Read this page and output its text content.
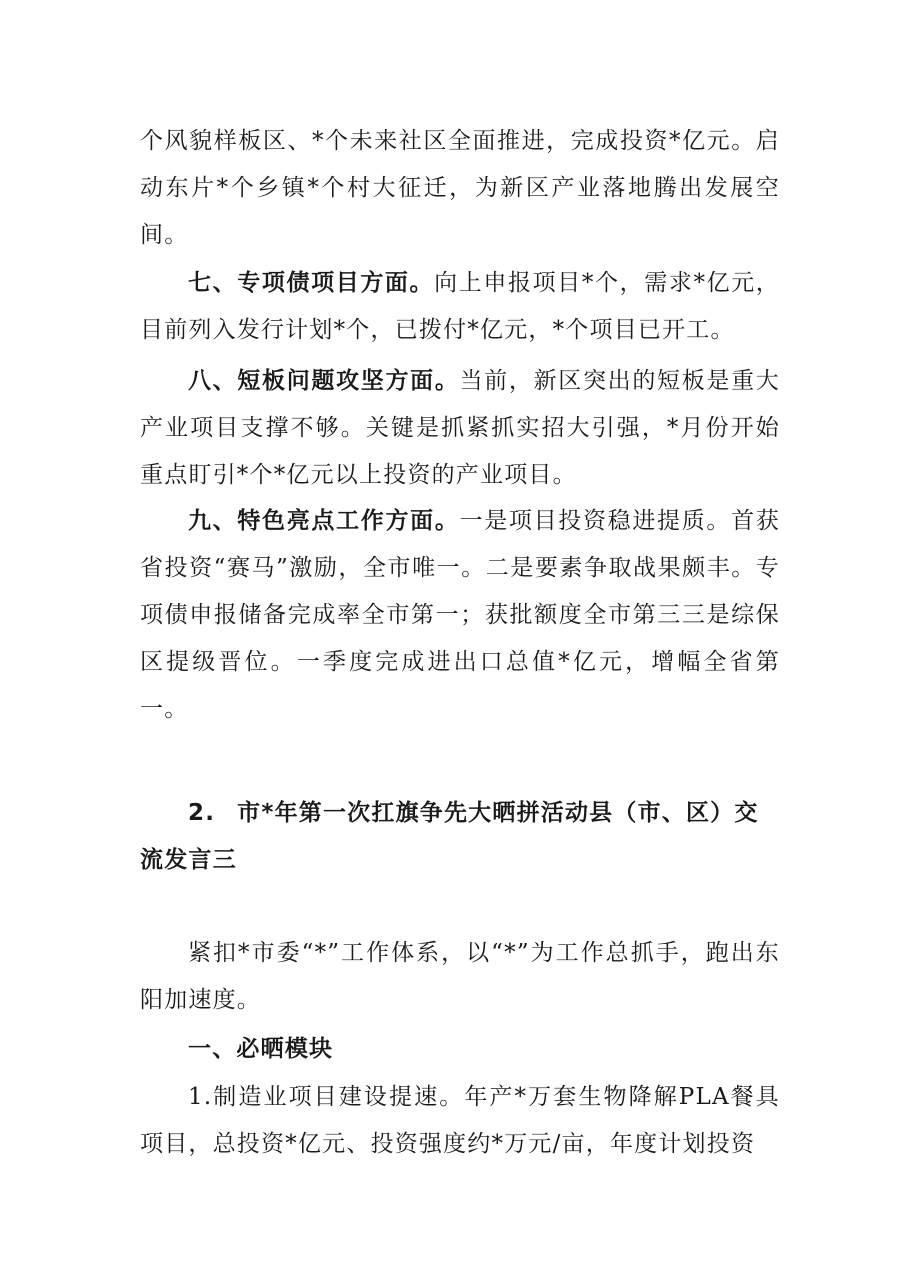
个风貌样板区、*个未来社区全面推进，完成投资*亿元。启动东片*个乡镇*个村大征迁，为新区产业落地腾出发展空间。

七、专项债项目方面。向上申报项目*个，需求*亿元，目前列入发行计划*个，已拨付*亿元，*个项目已开工。

八、短板问题攻坚方面。当前，新区突出的短板是重大产业项目支撑不够。关键是抓紧抓实招大引强，*月份开始重点盯引*个*亿元以上投资的产业项目。

九、特色亮点工作方面。一是项目投资稳进提质。首获省投资“赛马”激励，全市唯一。二是要素争取战果颇丰。专项债申报储备完成率全市第一；获批额度全市第三三是综保区提级晋位。一季度完成进出口总值*亿元，增幅全省第一。

2. 市*年第一次扛旗争先大晒拼活动县（市、区）交流发言三

紧扣*市委“*”工作体系，以“*”为工作总抓手，跑出东阳加速度。

一、必晒模块

1.制造业项目建设提速。年产*万套生物降解PLA餐具项目，总投资*亿元、投资强度约*万元/亩，年度计划投资
